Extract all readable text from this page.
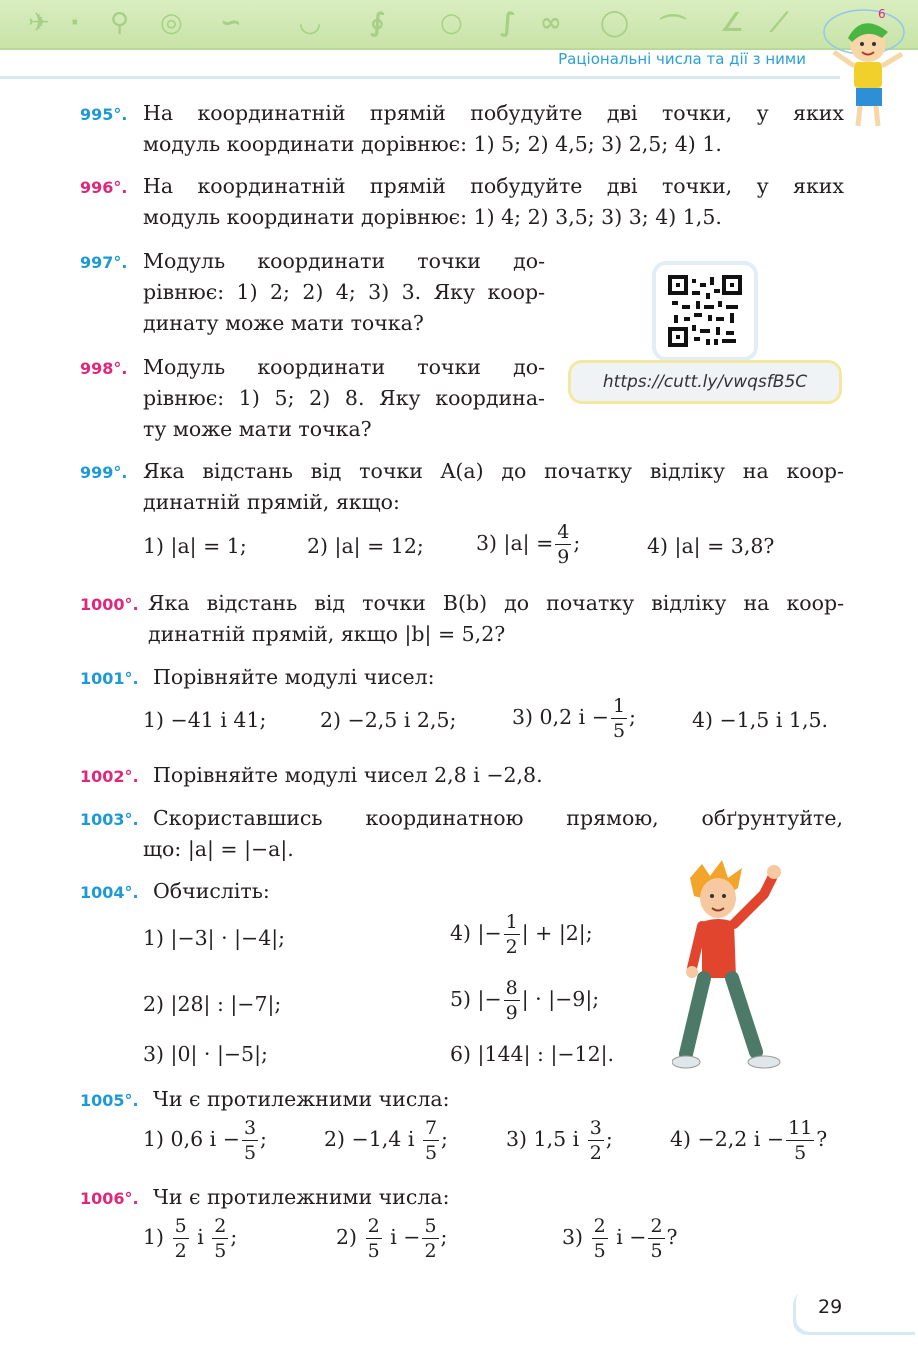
✈ ∙ ⚲ ◎ ∽ ◡ ∮ ○ ∫ ∞ ◯ ⌒ ∠ ⟋
Раціональні числа та дії з ними
6
995°. На координатній прямій побудуйте дві точки, у яких
модуль координати дорівнює: 1) 5; 2) 4,5; 3) 2,5; 4) 1.
996°. На координатній прямій побудуйте дві точки, у яких
модуль координати дорівнює: 1) 4; 2) 3,5; 3) 3; 4) 1,5.
997°. Модуль координати точки до-
рівнює: 1) 2; 2) 4; 3) 3. Яку коор-
динату може мати точка?
998°. Модуль координати точки до-
рівнює: 1) 5; 2) 8. Яку координа-
ту може мати точка?
https://cutt.ly/vwqsfB5C
999°. Яка відстань від точки A(a) до початку відліку на коор-
динатній прямій, якщо:
1) |a| = 1;	2) |a| = 12;	3) $|a| = \frac{4}{9}$ ;	4) |a| = 3,8?
1000°. Яка відстань від точки B(b) до початку відліку на коор-
динатній прямій, якщо |b| = 5,2?
1001°. Порівняйте модулі чисел:
1) −41 і 41;	2) −2,5 і 2,5;	3) 0,2 $і - \frac{1}{5}$ ;	4) −1,5 і 1,5.
1002°. Порівняйте модулі чисел 2,8 і −2,8.
1003°. Скориставшись координатною прямою, обґрунтуйте,
що: |a| = |−a|.
1004°. Обчисліть:
1) |−3| · |−4|;	4) |− $\frac{1}{2}$ | + |2|;
2) |28| : |−7|;	5) |− $\frac{8}{9}$ | · |−9|;
3) |0| · |−5|;	6) |144| : |−12|.
1005°. Чи є протилежними числа:
1) 0,6 $і - \frac{3}{5}$ ;	2) −1,4 і $\frac{7}{5}$ ;	3) 1,5 і $\frac{3}{2}$ ;	4) −2,2 $і - \frac{11}{5}$ ?
1006°. Чи є протилежними числа:
$1) \frac{5}{2}$ і $\frac{2}{5}$ ;	$2) \frac{2}{5}$ $і - \frac{5}{2}$ ;	$3) \frac{2}{5}$ $і - \frac{2}{5}$ ?
29
